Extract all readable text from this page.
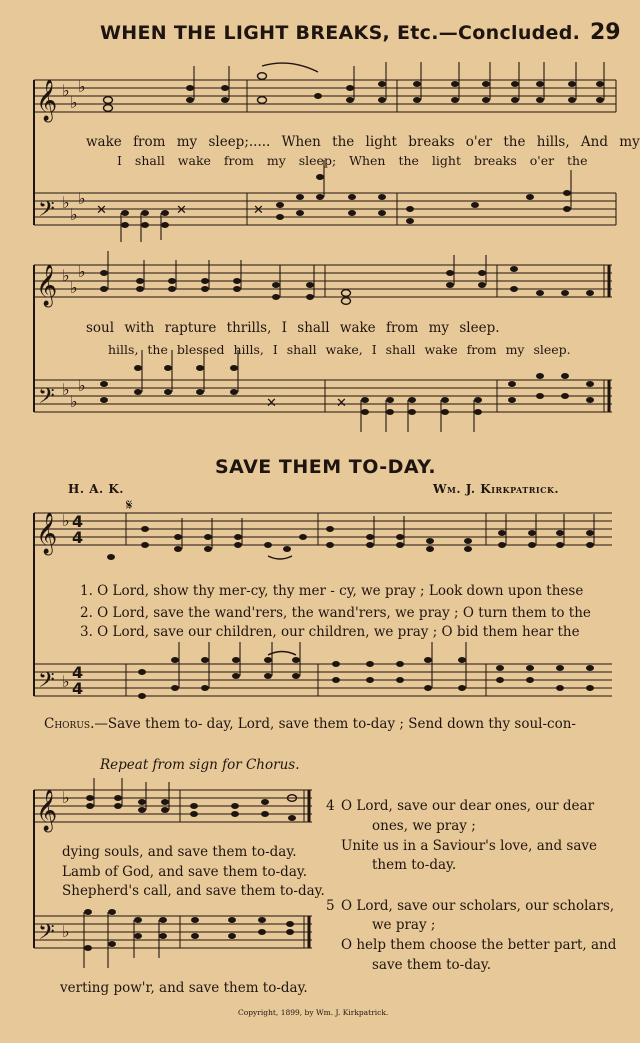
𝄞
𝄢
𝄞
𝄢
𝄞
𝄢
𝄞
𝄢
♭
♭
♭
♭
♭
♭
♭
♭
♭
♭
♭
♭
♭
♭
♭
♭
4
4
4
4
✕	✕	✕
✕	✕
𝄋
WHEN THE LIGHT BREAKS, Etc.—Concluded. 29
wake from my sleep;..... When the light breaks o'er the hills, And my
I shall wake from my sleep; When the light breaks o'er the
soul with rapture thrills, I shall wake from my sleep.
hills, the blessed hills, I shall wake, I shall wake from my sleep.
SAVE THEM TO-DAY.
H. A. K.	Wm. J. Kirkpatrick.
1. O Lord, show thy mer-cy, thy mer - cy, we pray ; Look down upon these
2. O Lord, save the wand'rers, the wand'rers, we pray ; O turn them to the
3. O Lord, save our children, our children, we pray ; O bid them hear the
Chorus.—Save them to- day, Lord, save them to-day ; Send down thy soul-con-
Repeat from sign for Chorus.
dying souls, and save them to-day.
Lamb of God, and save them to-day.
Shepherd's call, and save them to-day.
verting pow'r, and save them to-day.
4 O Lord, save our dear ones, our dear
ones, we pray ;
Unite us in a Saviour's love, and save
them to-day.
5 O Lord, save our scholars, our scholars,
we pray ;
O help them choose the better part, and
save them to-day.
Copyright, 1899, by Wm. J. Kirkpatrick.
